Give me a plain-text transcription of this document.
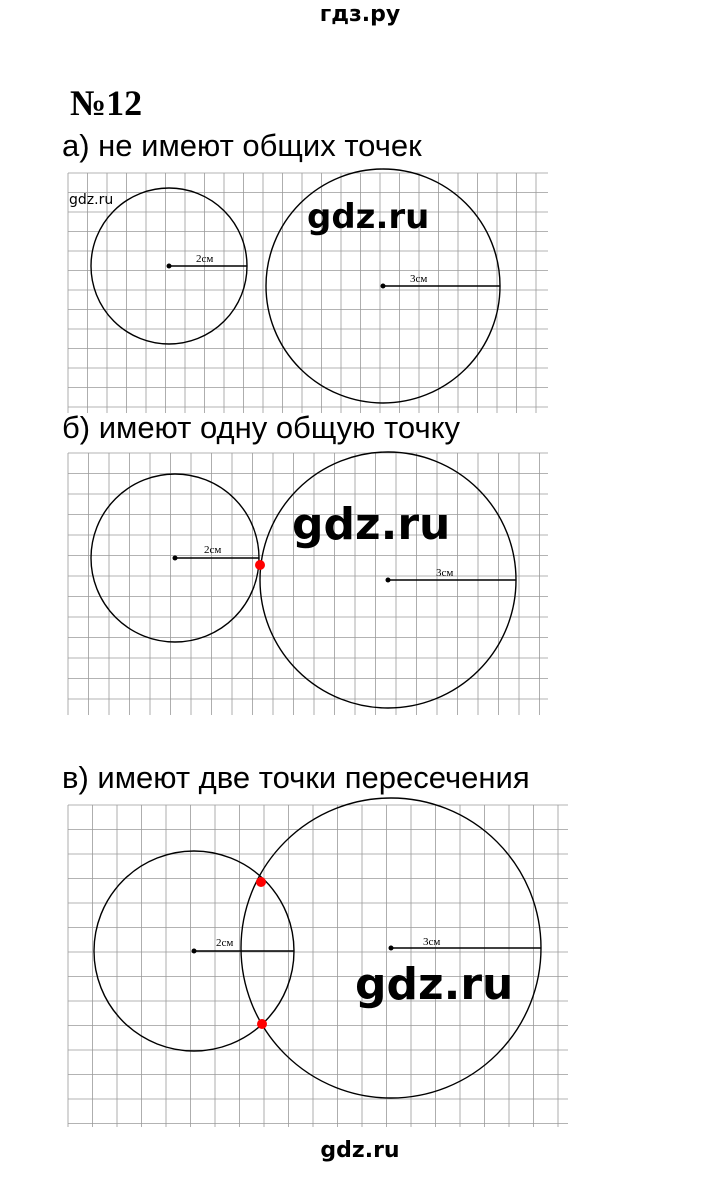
гдз.ру
№12
а) не имеют общих точек
2см
3см
gdz.ru
gdz.ru
б) имеют одну общую точку
2см
3см
gdz.ru
в) имеют две точки пересечения
2см	3см
gdz.ru
gdz.ru
